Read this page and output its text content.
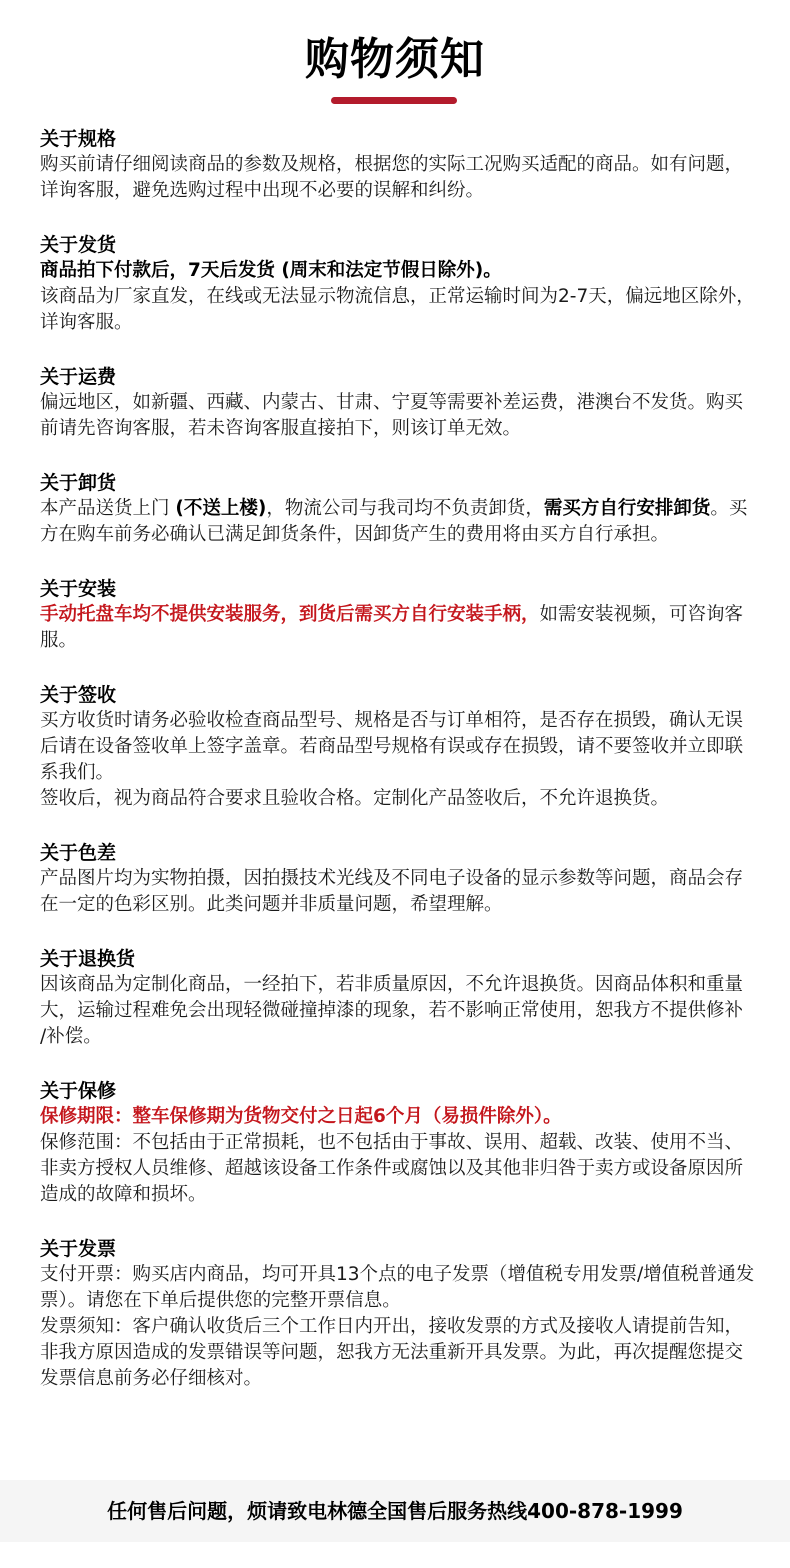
购物须知
关于规格

购买前请仔细阅读商品的参数及规格，根据您的实际工况购买适配的商品。如有问题，详询客服，避免选购过程中出现不必要的误解和纠纷。

关于发货

商品拍下付款后，7天后发货 (周末和法定节假日除外)。

该商品为厂家直发，在线或无法显示物流信息，正常运输时间为2-7天，偏远地区除外，详询客服。

关于运费

偏远地区，如新疆、西藏、内蒙古、甘肃、宁夏等需要补差运费，港澳台不发货。购买前请先咨询客服，若未咨询客服直接拍下，则该订单无效。

关于卸货

本产品送货上门 (不送上楼)，物流公司与我司均不负责卸货，需买方自行安排卸货。买方在购车前务必确认已满足卸货条件，因卸货产生的费用将由买方自行承担。

关于安装

手动托盘车均不提供安装服务，到货后需买方自行安装手柄，如需安装视频，可咨询客服。

关于签收

买方收货时请务必验收检查商品型号、规格是否与订单相符，是否存在损毁，确认无误后请在设备签收单上签字盖章。若商品型号规格有误或存在损毁，请不要签收并立即联系我们。

签收后，视为商品符合要求且验收合格。定制化产品签收后，不允许退换货。

关于色差

产品图片均为实物拍摄，因拍摄技术光线及不同电子设备的显示参数等问题，商品会存在一定的色彩区别。此类问题并非质量问题，希望理解。

关于退换货

因该商品为定制化商品，一经拍下，若非质量原因，不允许退换货。因商品体积和重量大，运输过程难免会出现轻微碰撞掉漆的现象，若不影响正常使用，恕我方不提供修补 /补偿。

关于保修

保修期限：整车保修期为货物交付之日起6个月（易损件除外）。

保修范围：不包括由于正常损耗，也不包括由于事故、误用、超载、改装、使用不当、非卖方授权人员维修、超越该设备工作条件或腐蚀以及其他非归咎于卖方或设备原因所造成的故障和损坏。

关于发票

支付开票：购买店内商品，均可开具13个点的电子发票（增值税专用发票/增值税普通发票）。请您在下单后提供您的完整开票信息。

发票须知：客户确认收货后三个工作日内开出，接收发票的方式及接收人请提前告知，非我方原因造成的发票错误等问题，恕我方无法重新开具发票。为此，再次提醒您提交发票信息前务必仔细核对。

任何售后问题，烦请致电林德全国售后服务热线400-878-1999
